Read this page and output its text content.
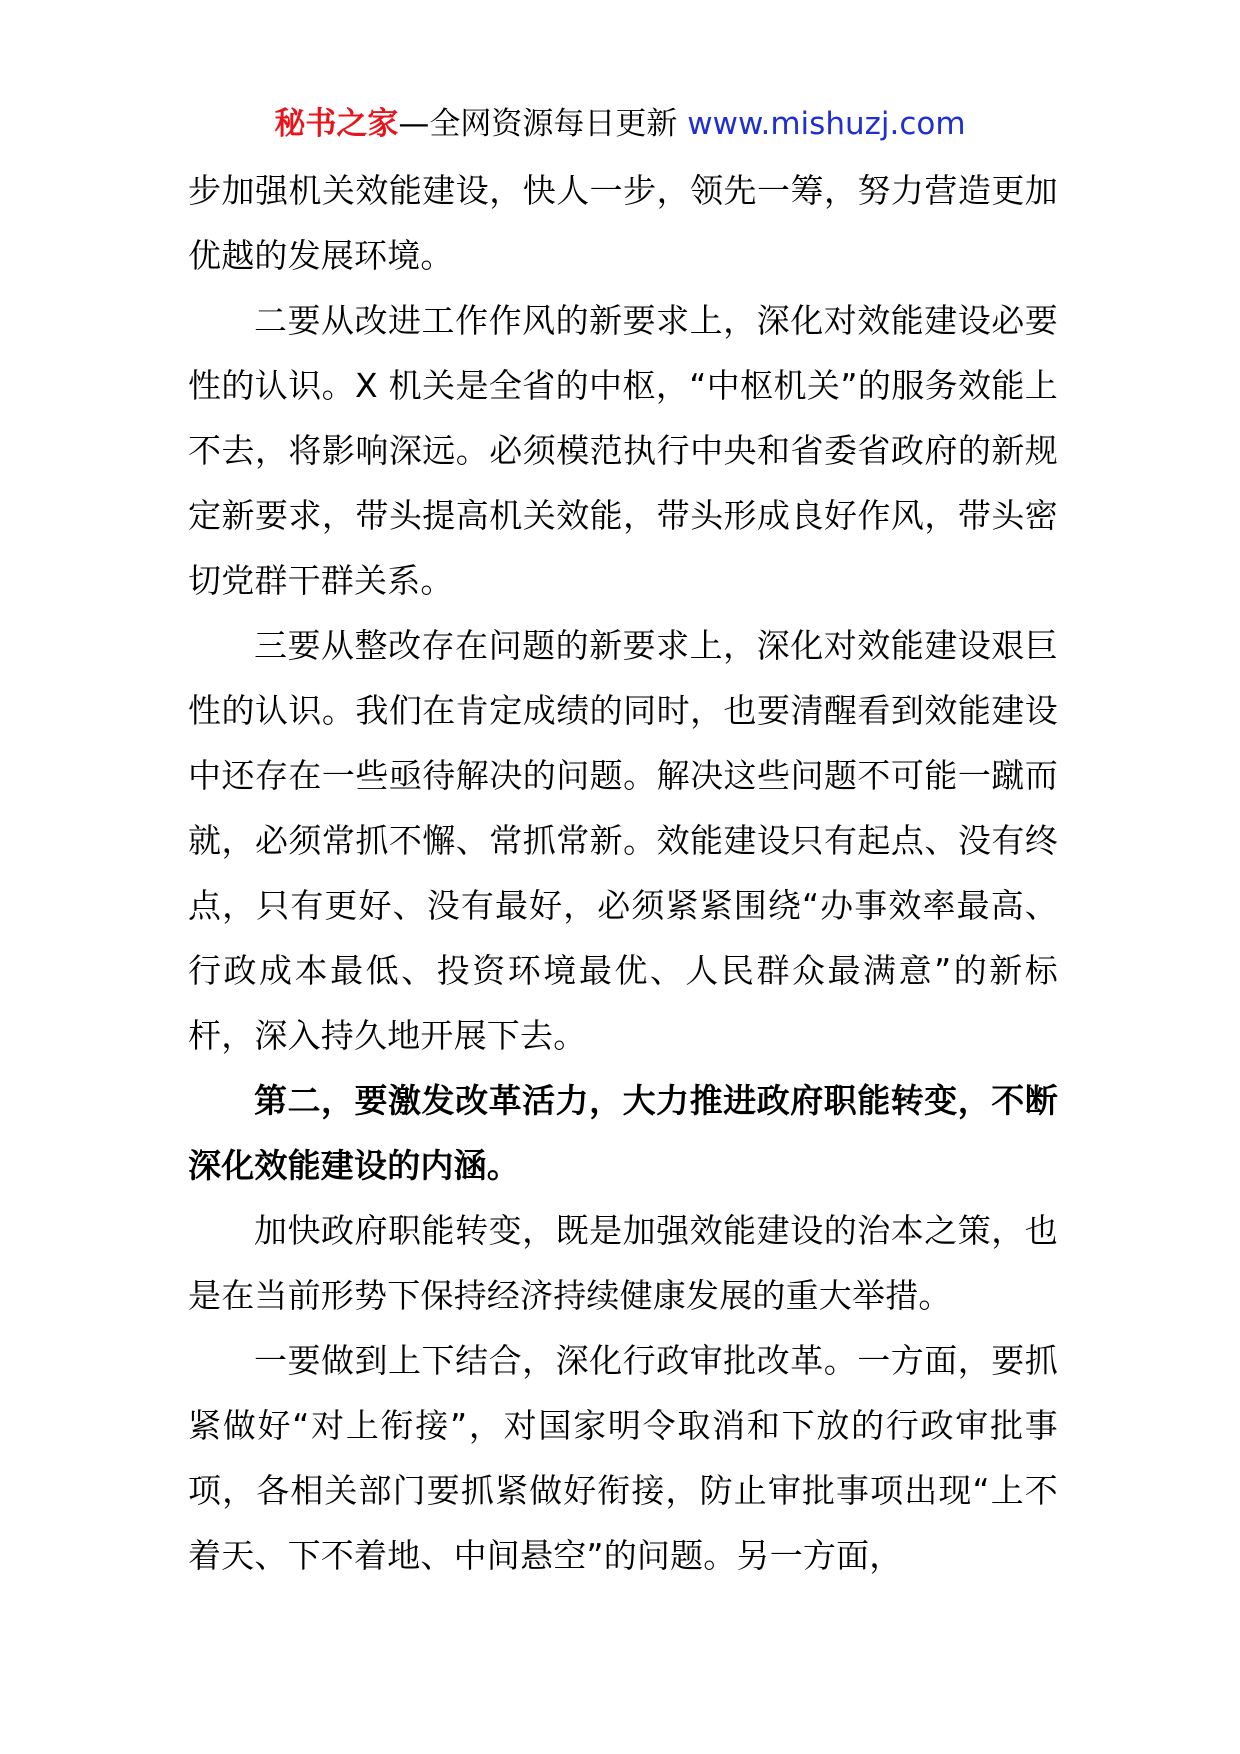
秘书之家—全网资源每日更新 www.mishuzj.com

步加强机关效能建设，快人一步，领先一筹，努力营造更加优越的发展环境。

二要从改进工作作风的新要求上，深化对效能建设必要性的认识。X 机关是全省的中枢，“中枢机关”的服务效能上不去，将影响深远。必须模范执行中央和省委省政府的新规定新要求，带头提高机关效能，带头形成良好作风，带头密切党群干群关系。

三要从整改存在问题的新要求上，深化对效能建设艰巨性的认识。我们在肯定成绩的同时，也要清醒看到效能建设中还存在一些亟待解决的问题。解决这些问题不可能一蹴而就，必须常抓不懈、常抓常新。效能建设只有起点、没有终点，只有更好、没有最好，必须紧紧围绕“办事效率最高、行政成本最低、投资环境最优、人民群众最满意”的新标杆，深入持久地开展下去。

第二，要激发改革活力，大力推进政府职能转变，不断深化效能建设的内涵。

加快政府职能转变，既是加强效能建设的治本之策，也是在当前形势下保持经济持续健康发展的重大举措。

一要做到上下结合，深化行政审批改革。一方面，要抓紧做好“对上衔接”，对国家明令取消和下放的行政审批事项，各相关部门要抓紧做好衔接，防止审批事项出现“上不着天、下不着地、中间悬空”的问题。另一方面，
